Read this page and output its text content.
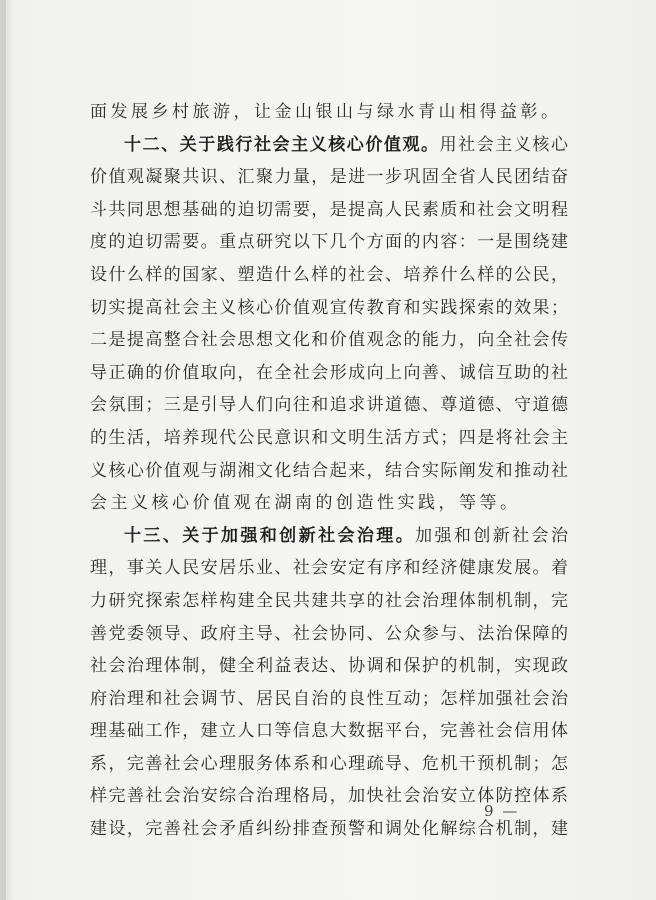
面 发 展 乡 村 旅 游 ， 让 金 山 银 山 与 绿 水 青 山 相 得 益 彰 。
十 二 、 关 于 践 行 社 会 主 义 核 心 价 值 观 。 用 社 会 主 义 核 心
价 值 观 凝 聚 共 识 、 汇 聚 力 量 ， 是 进 一 步 巩 固 全 省 人 民 团 结 奋
斗 共 同 思 想 基 础 的 迫 切 需 要 ， 是 提 高 人 民 素 质 和 社 会 文 明 程
度 的 迫 切 需 要 。 重 点 研 究 以 下 几 个 方 面 的 内 容 ： 一 是 围 绕 建
设 什 么 样 的 国 家 、 塑 造 什 么 样 的 社 会 、 培 养 什 么 样 的 公 民 ，
切 实 提 高 社 会 主 义 核 心 价 值 观 宣 传 教 育 和 实 践 探 索 的 效 果 ；
二 是 提 高 整 合 社 会 思 想 文 化 和 价 值 观 念 的 能 力 ， 向 全 社 会 传
导 正 确 的 价 值 取 向 ， 在 全 社 会 形 成 向 上 向 善 、 诚 信 互 助 的 社
会 氛 围 ； 三 是 引 导 人 们 向 往 和 追 求 讲 道 德 、 尊 道 德 、 守 道 德
的 生 活 ， 培 养 现 代 公 民 意 识 和 文 明 生 活 方 式 ； 四 是 将 社 会 主
义 核 心 价 值 观 与 湖 湘 文 化 结 合 起 来 ， 结 合 实 际 阐 发 和 推 动 社
会 主 义 核 心 价 值 观 在 湖 南 的 创 造 性 实 践 ， 等 等 。
十 三 、 关 于 加 强 和 创 新 社 会 治 理 。 加 强 和 创 新 社 会 治
理 ， 事 关 人 民 安 居 乐 业 、 社 会 安 定 有 序 和 经 济 健 康 发 展 。 着
力 研 究 探 索 怎 样 构 建 全 民 共 建 共 享 的 社 会 治 理 体 制 机 制 ， 完
善 党 委 领 导 、 政 府 主 导 、 社 会 协 同 、 公 众 参 与 、 法 治 保 障 的
社 会 治 理 体 制 ， 健 全 利 益 表 达 、 协 调 和 保 护 的 机 制 ， 实 现 政
府 治 理 和 社 会 调 节 、 居 民 自 治 的 良 性 互 动 ； 怎 样 加 强 社 会 治
理 基 础 工 作 ， 建 立 人 口 等 信 息 大 数 据 平 台 ， 完 善 社 会 信 用 体
系 ， 完 善 社 会 心 理 服 务 体 系 和 心 理 疏 导 、 危 机 干 预 机 制 ； 怎
样 完 善 社 会 治 安 综 合 治 理 格 局 ， 加 快 社 会 治 安 立 体 防 控 体 系
建 设 ， 完 善 社 会 矛 盾 纠 纷 排 查 预 警 和 调 处 化 解 综 合 机 制 ， 建
9 —
